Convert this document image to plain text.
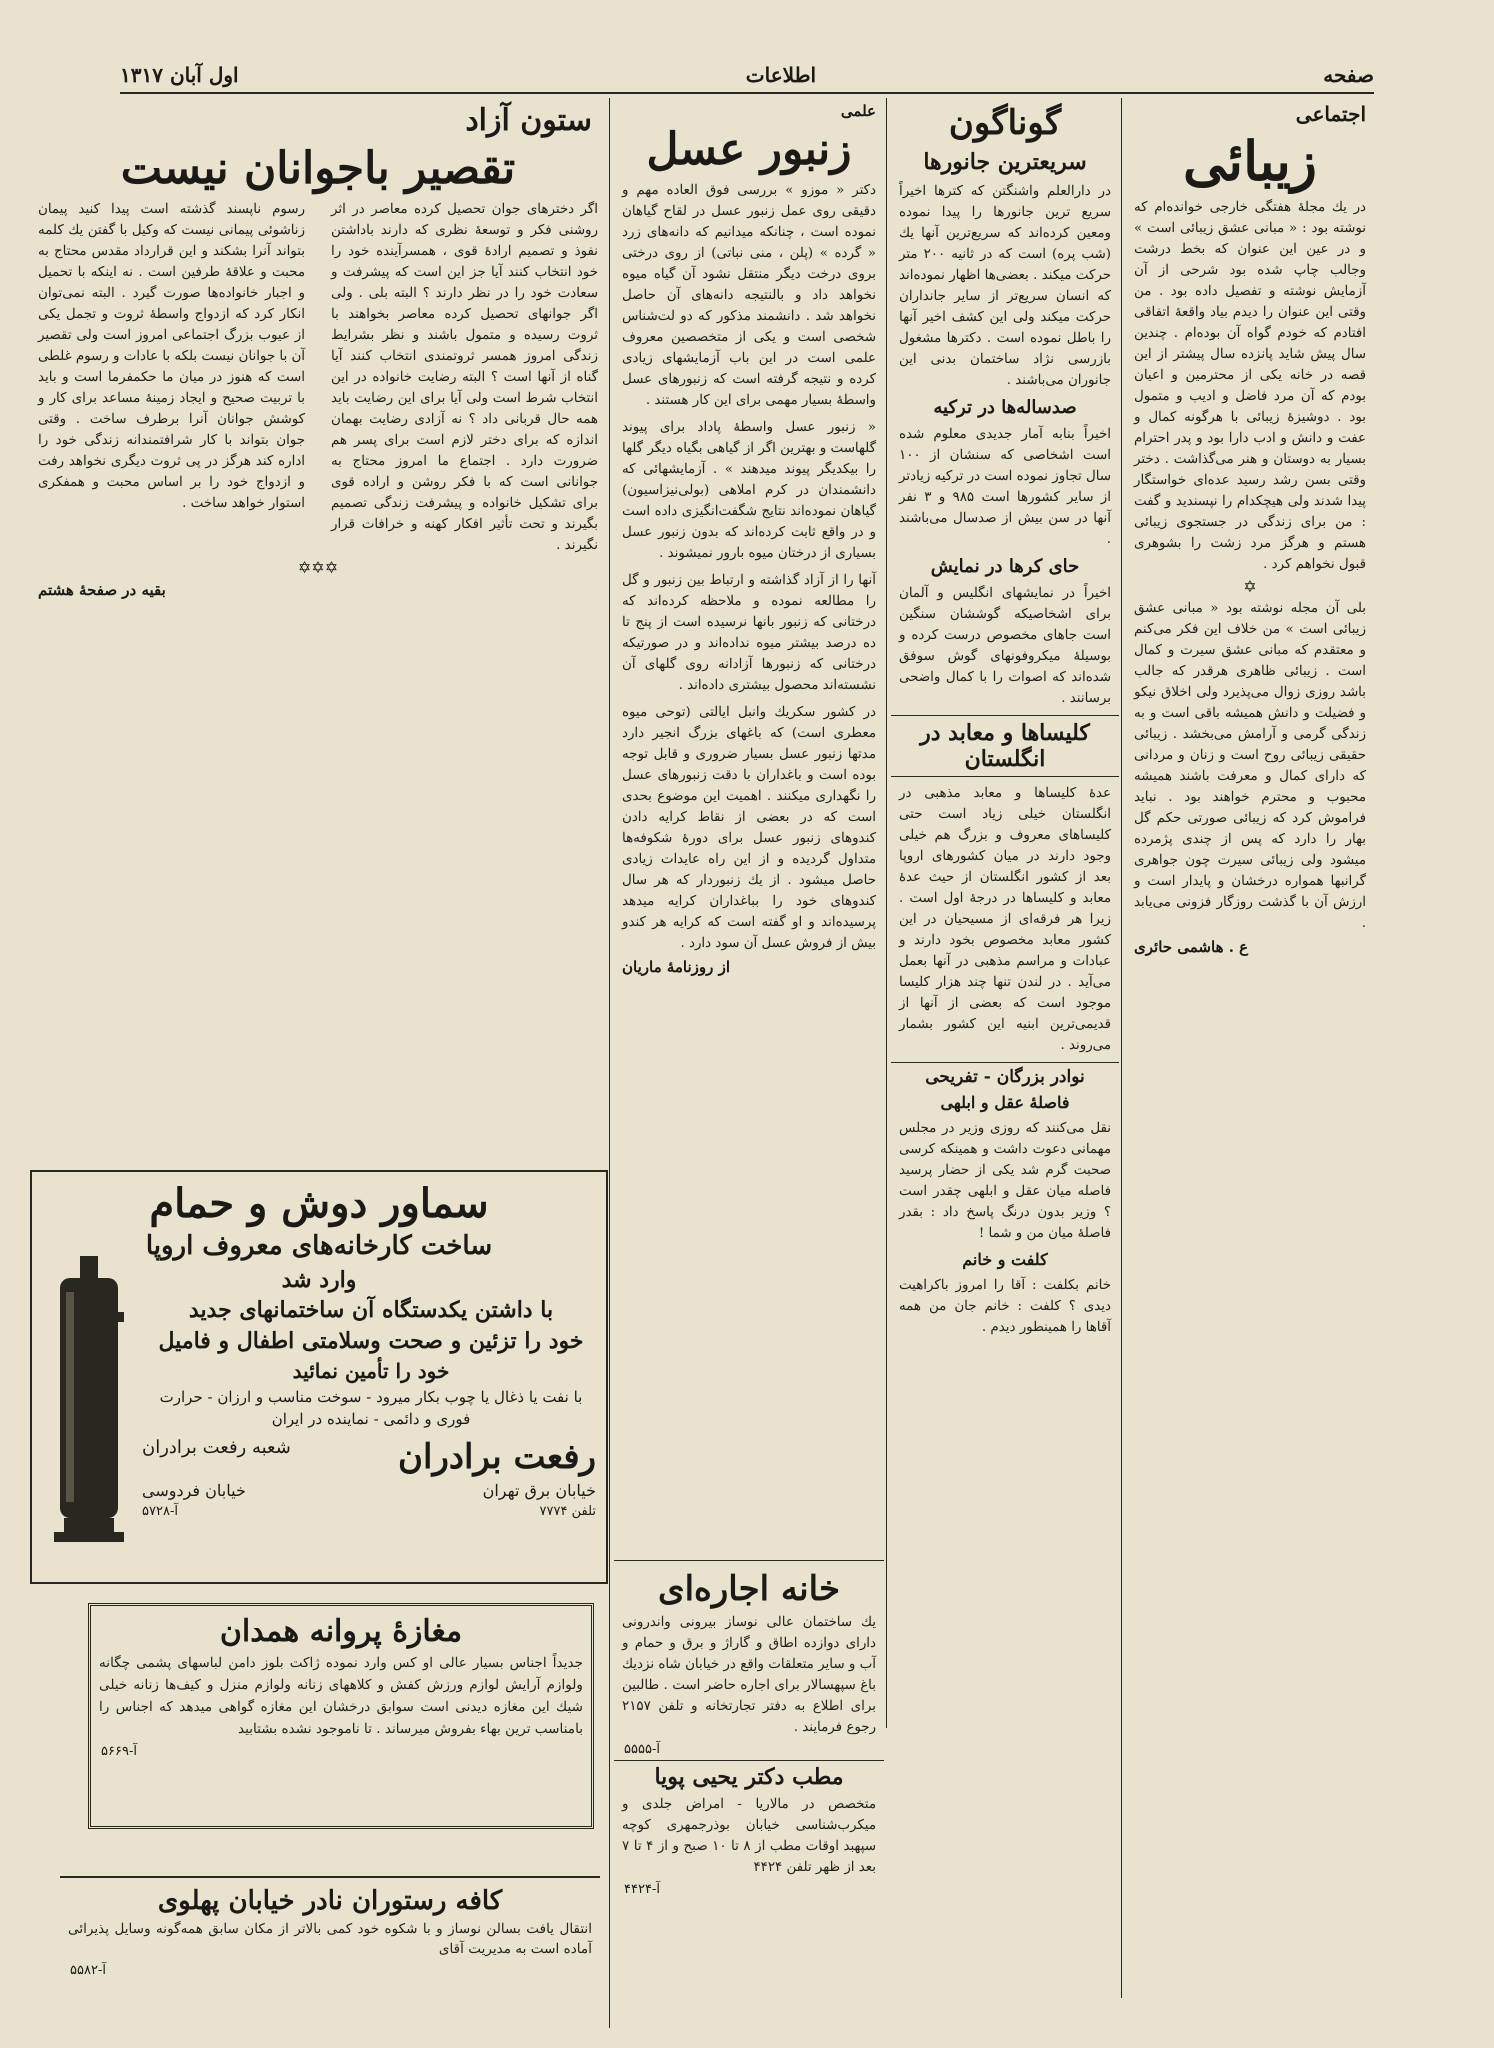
صفحه
اطلاعات
اول آبان ۱۳۱۷
اجتماعی
زیبائی
در یك مجلهٔ هفتگی خارجی خوانده‌ام كه نوشته بود : « مبانی عشق زیبائی است » و در عین این عنوان كه بخط درشت وجالب چاپ شده بود شرحی از آن آزمایش نوشته و تفصیل داده بود . من وقتی این عنوان را دیدم بیاد واقعهٔ اتفاقی افتادم كه خودم گواه آن بوده‌ام . چندین سال پیش شاید پانزده سال پیشتر از این قصه در خانه یكی از محترمین و اعیان بودم كه آن مرد فاضل و ادیب و متمول بود . دوشیزهٔ زیبائی با هرگونه كمال و عفت و دانش و ادب دارا بود و پدر احترام بسیار به دوستان و هنر می‌گذاشت . دختر وقتی بسن رشد رسید عده‌ای خواستگار پیدا شدند ولی هیچكدام را نپسندید و گفت : من برای زندگی در جستجوی زیبائی هستم و هرگز مرد زشت را بشوهری قبول نخواهم كرد .
✡
بلی آن مجله نوشته بود « مبانی عشق زیبائی است » من خلاف این فكر می‌كنم و معتقدم كه مبانی عشق سیرت و كمال است . زیبائی ظاهری هرقدر كه جالب باشد روزی زوال می‌پذیرد ولی اخلاق نیكو و فضیلت و دانش همیشه باقی است و به زندگی گرمی و آرامش می‌بخشد . زیبائی حقیقی زیبائی روح است و زنان و مردانی كه دارای كمال و معرفت باشند همیشه محبوب و محترم خواهند بود . نباید فراموش كرد كه زیبائی صورتی حكم گل بهار را دارد كه پس از چندی پژمرده میشود ولی زیبائی سیرت چون جواهری گرانبها همواره درخشان و پایدار است و ارزش آن با گذشت روزگار فزونی می‌یابد .
ع . هاشمی حائری
گوناگون
سریعترین جانورها
در دارالعلم واشنگتن كه كترها اخیراً سریع ترین جانورها را پیدا نموده ومعین كرده‌اند كه سریع‌ترین آنها یك (شب پره) است كه در ثانیه ۲۰۰ متر حركت میكند . بعضی‌ها اظهار نموده‌اند كه انسان سریع‌تر از سایر جانداران حركت میكند ولی این كشف اخیر آنها را باطل نموده است . دكترها مشغول بازرسی نژاد ساختمان بدنی این جانوران می‌باشند .
صدساله‌ها در تركیه
اخیراً بنابه آمار جدیدی معلوم شده است اشخاصی كه سنشان از ۱۰۰ سال تجاوز نموده است در تركیه زیادتر از سایر كشورها است ۹۸۵ و ۳ نفر آنها در سن بیش از صدسال می‌باشند .
حای كرها در نمایش
اخیراً در نمایشهای انگلیس و آلمان برای اشخاصیكه گوششان سنگین است جاهای مخصوص درست كرده و بوسیلهٔ میكروفونهای گوش سوفق شده‌اند كه اصوات را با كمال واضحی برسانند .
كلیساها و معابد در انگلستان
عدهٔ كلیساها و معابد مذهبی در انگلستان خیلی زیاد است حتی كلیساهای معروف و بزرگ هم خیلی وجود دارند در میان كشورهای اروپا بعد از كشور انگلستان از حیث عدهٔ معابد و كلیساها در درجهٔ اول است . زیرا هر فرقه‌ای از مسیحیان در این كشور معابد مخصوص بخود دارند و عبادات و مراسم مذهبی در آنها بعمل می‌آید . در لندن تنها چند هزار كلیسا موجود است كه بعضی از آنها از قدیمی‌ترین ابنیه این كشور بشمار می‌روند .
نوادر بزرگان - تفریحی
فاصلهٔ عقل و ابلهی
نقل می‌كنند كه روزی وزیر در مجلس مهمانی دعوت داشت و همینكه كرسی صحبت گرم شد یكی از حضار پرسید فاصله میان عقل و ابلهی چقدر است ؟ وزیر بدون درنگ پاسخ داد : بقدر فاصلهٔ میان من و شما !
كلفت و خانم
خانم بكلفت : آقا را امروز باكراهیت دیدی ؟ كلفت : خانم جان من همه آقاها را همینطور دیدم .
علمی
زنبور عسل
دكتر « موزو » بررسی فوق العاده مهم و دقیقی روی عمل زنبور عسل در لقاح گیاهان نموده است ، چنانكه میدانیم كه دانه‌های زرد « گرده » (پلن ، منی نباتی) از روی درختی بروی درخت دیگر منتقل نشود آن گیاه میوه نخواهد داد و بالنتیجه دانه‌های آن حاصل نخواهد شد . دانشمند مذكور كه دو لت‌شناس شخصی است و یكی از متخصصین معروف علمی است در این باب آزمایشهای زیادی كرده و نتیجه گرفته است كه زنبورهای عسل واسطهٔ بسیار مهمی برای این كار هستند .
« زنبور عسل واسطهٔ پاداد برای پیوند گلهاست و بهترین اگر از گیاهی بگیاه دیگر گلها را بیكدیگر پیوند میدهند » . آزمایشهائی كه دانشمندان در كرم املاهی (بولی‌نیزاسیون) گیاهان نموده‌اند نتایج شگفت‌انگیزی داده است و در واقع ثابت كرده‌اند كه بدون زنبور عسل بسیاری از درختان میوه بارور نمیشوند .
آنها را از آزاد گذاشته و ارتباط بین زنبور و گل را مطالعه نموده و ملاحظه كرده‌اند كه درختانی كه زنبور بانها نرسیده است از پنج تا ده درصد بیشتر میوه نداده‌اند و در صورتیكه درختانی كه زنبورها آزادانه روی گلهای آن نشسته‌اند محصول بیشتری داده‌اند .
در كشور سكریك وانبل ایالتی (توحی میوه معطری است) كه باغهای بزرگ انجیر دارد مدتها زنبور عسل بسیار ضروری و قابل توجه بوده است و باغداران با دقت زنبورهای عسل را نگهداری میكنند . اهمیت این موضوع بحدی است كه در بعضی از نقاط كرایه دادن كندوهای زنبور عسل برای دورهٔ شكوفه‌ها متداول گردیده و از این راه عایدات زیادی حاصل میشود . از یك زنبوردار كه هر سال كندوهای خود را بباغداران كرایه میدهد پرسیده‌اند و او گفته است كه كرایه هر كندو بیش از فروش عسل آن سود دارد .
از روزنامهٔ ماریان
ستون آزاد
تقصیر باجوانان نیست
اگر دخترهای جوان تحصیل كرده معاصر در اثر روشنی فكر و توسعهٔ نظری كه دارند باداشتن نفوذ و تصمیم ارادهٔ قوی ، همسرآینده خود را خود انتخاب كنند آیا جز این است كه پیشرفت و سعادت خود را در نظر دارند ؟ البته بلی . ولی اگر جوانهای تحصیل كرده معاصر بخواهند با ثروت رسیده و متمول باشند و نظر بشرایط زندگی امروز همسر ثروتمندی انتخاب كنند آیا گناه از آنها است ؟ البته رضایت خانواده در این انتخاب شرط است ولی آیا برای این رضایت باید همه حال قربانی داد ؟ نه آزادی رضایت بهمان اندازه كه برای دختر لازم است برای پسر هم ضرورت دارد . اجتماع ما امروز محتاج به جوانانی است كه با فكر روشن و اراده قوی برای تشكیل خانواده و پیشرفت زندگی تصمیم بگیرند و تحت تأثیر افكار كهنه و خرافات قرار نگیرند .
رسوم ناپسند گذشته است پیدا كنید پیمان زناشوئی پیمانی نیست كه وكیل با گفتن یك كلمه بتواند آنرا بشكند و این قرارداد مقدس محتاج به محبت و علاقهٔ طرفین است . نه اینكه با تحمیل و اجبار خانواده‌ها صورت گیرد . البته نمی‌توان انكار كرد كه ازدواج واسطهٔ ثروت و تجمل یكی از عیوب بزرگ اجتماعی امروز است ولی تقصیر آن با جوانان نیست بلكه با عادات و رسوم غلطی است كه هنوز در میان ما حكمفرما است و باید با تربیت صحیح و ایجاد زمینهٔ مساعد برای كار و كوشش جوانان آنرا برطرف ساخت . وقتی جوان بتواند با كار شرافتمندانه زندگی خود را اداره كند هرگز در پی ثروت دیگری نخواهد رفت و ازدواج خود را بر اساس محبت و همفكری استوار خواهد ساخت .
✡✡✡
بقیه در صفحهٔ هشتم
سماور دوش و حمام
ساخت كارخانه‌های معروف اروپا
وارد شد
با داشتن یكدستگاه آن ساختمانهای جدید
خود را تزئین و صحت وسلامتی اطفال و فامیل
خود را تأمین نمائید
با نفت یا ذغال یا چوب بكار میرود - سوخت مناسب و ارزان - حرارت فوری و دائمی - نماینده در ایران
رفعت برادران
شعبه رفعت برادران
خیابان برق تهران
خیابان فردوسی
تلفن ۷۷۷۴
آ-۵۷۲۸
خانه اجاره‌ای
یك ساختمان عالی نوساز بیرونی واندرونی دارای دوازده اطاق و گاراژ و برق و حمام و آب و سایر متعلقات واقع در خیابان شاه نزدیك باغ سپهسالار برای اجاره حاضر است . طالبین برای اطلاع به دفتر تجارتخانه و تلفن ۲۱۵۷ رجوع فرمایند .
آ-۵۵۵۵
مطب دكتر یحیی پویا
متخصص در مالاریا - امراض جلدی و میكرب‌شناسی خیابان بوذرجمهری كوچه سپهبد اوقات مطب از ۸ تا ۱۰ صبح و از ۴ تا ۷ بعد از ظهر تلفن ۴۴۲۴
آ-۴۴۲۴
مغازهٔ پروانه همدان
جدیداً اجناس بسیار عالی او كس وارد نموده ژاكت بلوز دامن لباسهای پشمی چگانه ولوازم آرایش لوازم ورزش كفش و كلاههای زنانه ولوازم منزل و كیف‌ها زنانه خیلی شیك این مغازه دیدنی است سوابق درخشان این مغازه گواهی میدهد كه اجناس را بامناسب ترین بهاء بفروش میرساند . تا ناموجود نشده بشتابید
آ-۵۶۶۹
كافه رستوران نادر خیابان پهلوی
انتقال یافت بسالن نوساز و با شكوه خود كمی بالاتر از مكان سابق همه‌گونه وسایل پذیرائی آماده است به مدیریت آقای
آ-۵۵۸۲
